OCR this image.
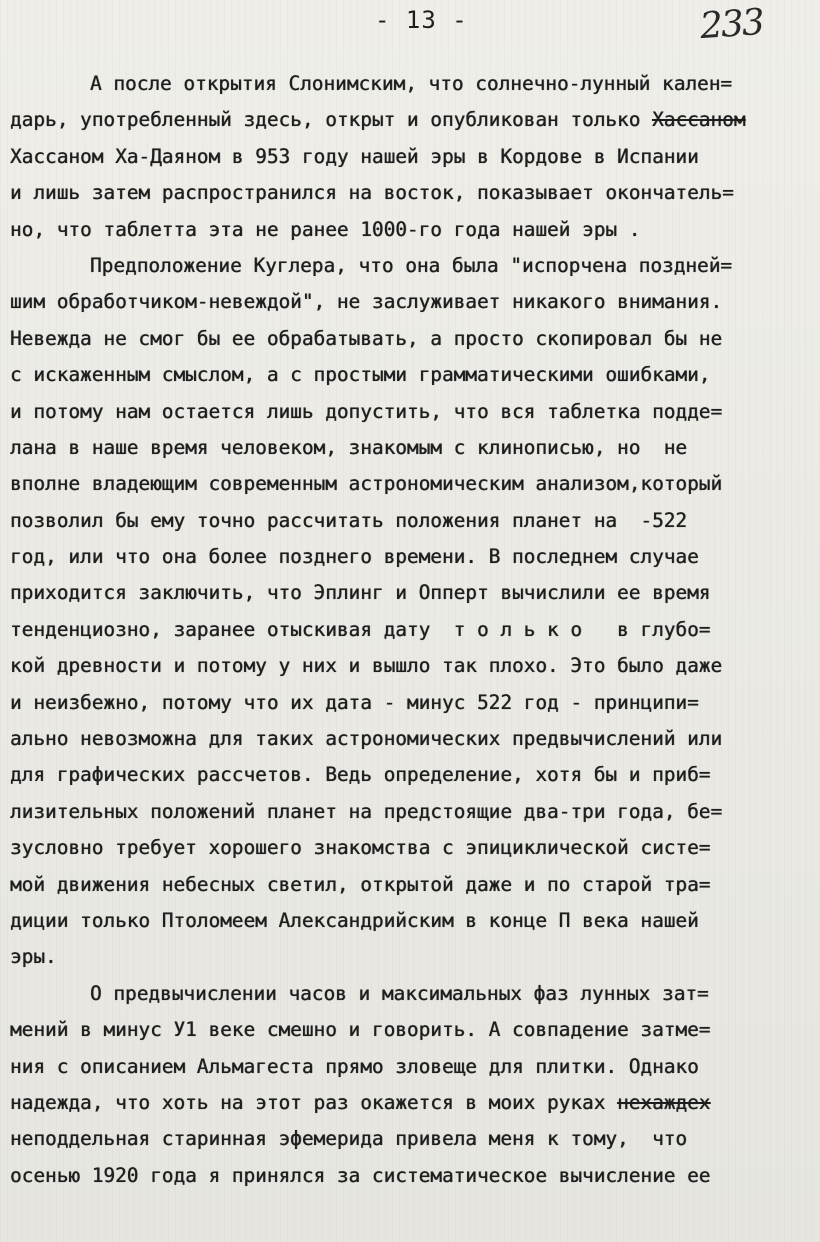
- 13 -	233
А после открытия Слонимским, что солнечно-лунный кален=
дарь, употребленный здесь, открыт и опубликован только Хассаном
Хассаном Ха-Даяном в 953 году нашей эры в Кордове в Испании
и лишь затем распространился на восток, показывает окончатель=
но, что таблетта эта не ранее 1000-го года нашей эры .
Предположение Куглера, что она была "испорчена поздней=
шим обработчиком-невеждой", не заслуживает никакого внимания.
Невежда не смог бы ее обрабатывать, а просто скопировал бы не
с искаженным смыслом, а с простыми грамматическими ошибками,
и потому нам остается лишь допустить, что вся таблетка подде=
лана в наше время человеком, знакомым с клинописью, но  не
вполне владеющим современным астрономическим анализом,который
позволил бы ему точно рассчитать положения планет на  -522
год, или что она более позднего времени. В последнем случае
приходится заключить, что Эплинг и Опперт вычислили ее время
тенденциозно, заранее отыскивая дату  т о л ь к о   в глубо=
кой древности и потому у них и вышло так плохо. Это было даже
и неизбежно, потому что их дата - минус 522 год - принципи=
ально невозможна для таких астрономических предвычислений или
для графических рассчетов. Ведь определение, хотя бы и приб=
лизительных положений планет на предстоящие два-три года, бе=
зусловно требует хорошего знакомства с эпициклической систе=
мой движения небесных светил, открытой даже и по старой тра=
диции только Птоломеем Александрийским в конце П века нашей
эры.
О предвычислении часов и максимальных фаз лунных зат=
мений в минус У1 веке смешно и говорить. А совпадение затме=
ния с описанием Альмагеста прямо зловеще для плитки. Однако
надежда, что хоть на этот раз окажется в моих руках нехаждех
неподдельная старинная эфемерида привела меня к тому,  что
осенью 1920 года я принялся за систематическое вычисление ее
